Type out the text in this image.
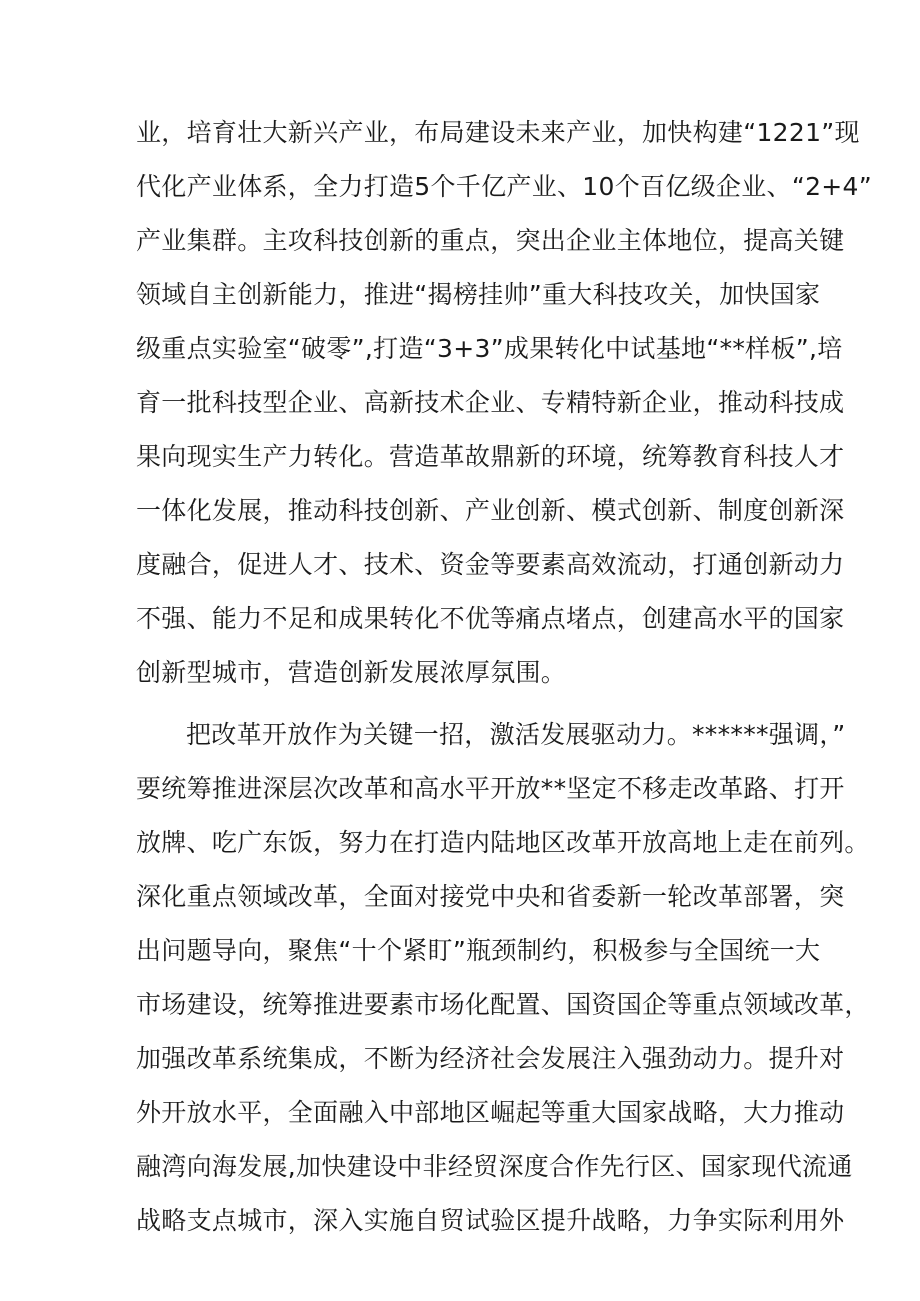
业，培育壮大新兴产业，布局建设未来产业，加快构建“1221”现
代化产业体系，全力打造5个千亿产业、10个百亿级企业、“2+4”
产业集群。主攻科技创新的重点，突出企业主体地位，提高关键
领域自主创新能力，推进“揭榜挂帅”重大科技攻关，加快国家
级重点实验室“破零”,打造“3+3”成果转化中试基地“**样板”,培
育一批科技型企业、高新技术企业、专精特新企业，推动科技成
果向现实生产力转化。营造革故鼎新的环境，统筹教育科技人才
一体化发展，推动科技创新、产业创新、模式创新、制度创新深
度融合，促进人才、技术、资金等要素高效流动，打通创新动力
不强、能力不足和成果转化不优等痛点堵点，创建高水平的国家
创新型城市，营造创新发展浓厚氛围。
把改革开放作为关键一招，激活发展驱动力。******强调，”
要统筹推进深层次改革和高水平开放**坚定不移走改革路、打开
放牌、吃广东饭，努力在打造内陆地区改革开放高地上走在前列。
深化重点领域改革，全面对接党中央和省委新一轮改革部署，突
出问题导向，聚焦“十个紧盯”瓶颈制约，积极参与全国统一大
市场建设，统筹推进要素市场化配置、国资国企等重点领域改革，
加强改革系统集成，不断为经济社会发展注入强劲动力。提升对
外开放水平，全面融入中部地区崛起等重大国家战略，大力推动
融湾向海发展,加快建设中非经贸深度合作先行区、国家现代流通
战略支点城市，深入实施自贸试验区提升战略，力争实际利用外
